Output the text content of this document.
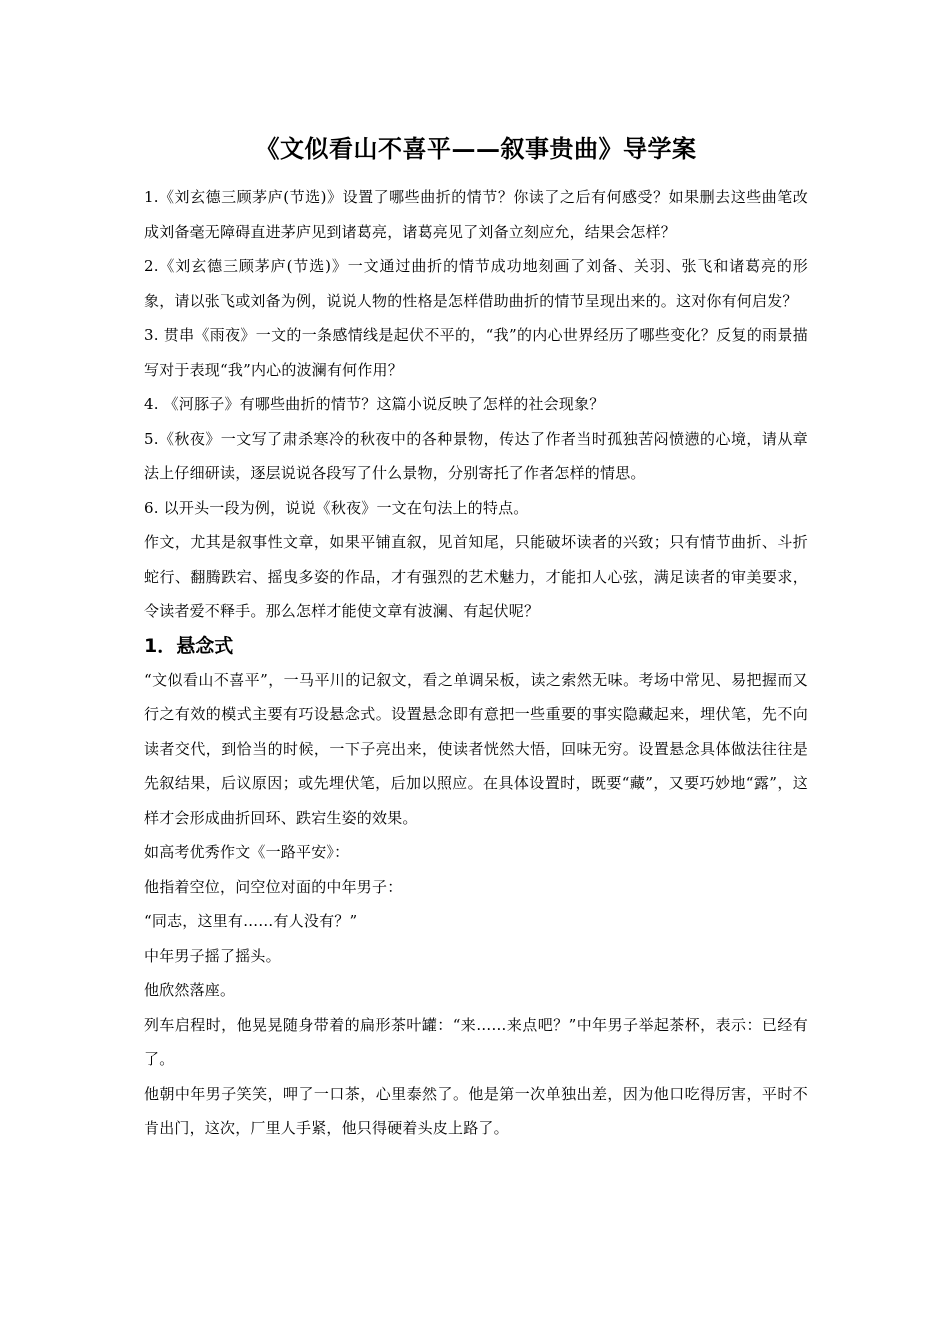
《文似看山不喜平——叙事贵曲》导学案

1.《刘玄德三顾茅庐(节选)》设置了哪些曲折的情节？你读了之后有何感受？如果删去这些曲笔改成刘备毫无障碍直进茅庐见到诸葛亮，诸葛亮见了刘备立刻应允，结果会怎样？

2.《刘玄德三顾茅庐(节选)》一文通过曲折的情节成功地刻画了刘备、关羽、张飞和诸葛亮的形象，请以张飞或刘备为例，说说人物的性格是怎样借助曲折的情节呈现出来的。这对你有何启发？

3. 贯串《雨夜》一文的一条感情线是起伏不平的，“我”的内心世界经历了哪些变化？反复的雨景描写对于表现“我”内心的波澜有何作用？

4. 《河豚子》有哪些曲折的情节？这篇小说反映了怎样的社会现象？

5.《秋夜》一文写了肃杀寒冷的秋夜中的各种景物，传达了作者当时孤独苦闷愤懑的心境，请从章法上仔细研读，逐层说说各段写了什么景物，分别寄托了作者怎样的情思。

6. 以开头一段为例，说说《秋夜》一文在句法上的特点。

作文，尤其是叙事性文章，如果平铺直叙，见首知尾，只能破坏读者的兴致；只有情节曲折、斗折蛇行、翻腾跌宕、摇曳多姿的作品，才有强烈的艺术魅力，才能扣人心弦，满足读者的审美要求，令读者爱不释手。那么怎样才能使文章有波澜、有起伏呢？

1．悬念式

“文似看山不喜平”，一马平川的记叙文，看之单调呆板，读之索然无味。考场中常见、易把握而又行之有效的模式主要有巧设悬念式。设置悬念即有意把一些重要的事实隐藏起来，埋伏笔，先不向读者交代，到恰当的时候，一下子亮出来，使读者恍然大悟，回味无穷。设置悬念具体做法往往是先叙结果，后议原因；或先埋伏笔，后加以照应。在具体设置时，既要“藏”，又要巧妙地“露”，这样才会形成曲折回环、跌宕生姿的效果。

如高考优秀作文《一路平安》：

他指着空位，问空位对面的中年男子：

“同志，这里有……有人没有？”

中年男子摇了摇头。

他欣然落座。

列车启程时，他晃晃随身带着的扁形茶叶罐：“来……来点吧？”中年男子举起茶杯，表示：已经有了。

他朝中年男子笑笑，呷了一口茶，心里泰然了。他是第一次单独出差，因为他口吃得厉害，平时不肯出门，这次，厂里人手紧，他只得硬着头皮上路了。
